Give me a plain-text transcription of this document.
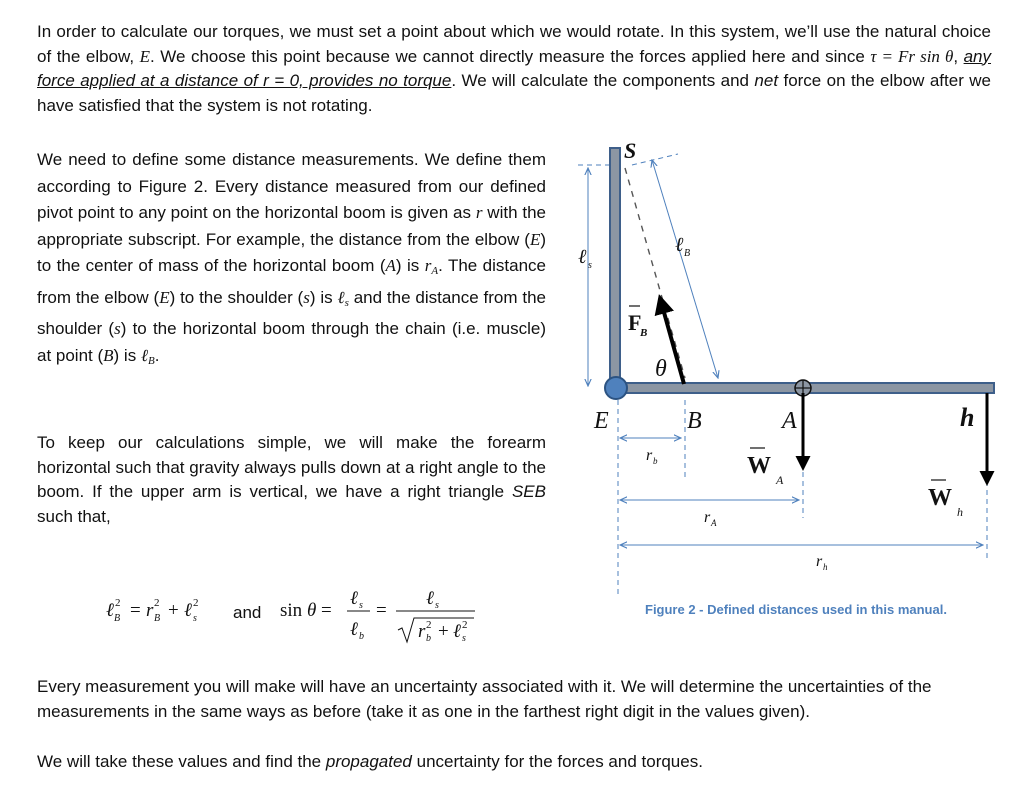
In order to calculate our torques, we must set a point about which we would rotate. In this system, we’ll use the natural choice of the elbow, E. We choose this point because we cannot directly measure the forces applied here and since τ = Fr sin θ, any force applied at a distance of r = 0, provides no torque. We will calculate the components and net force on the elbow after we have satisfied that the system is not rotating.

We need to define some distance measurements. We define them according to Figure 2. Every distance measured from our defined pivot point to any point on the horizontal boom is given as r with the appropriate subscript. For example, the distance from the elbow (E) to the center of mass of the horizontal boom (A) is $r_A$. The distance from the elbow (E) to the shoulder (s) is ℓ$_s$ and the distance from the shoulder (s) to the horizontal boom through the chain (i.e. muscle) at point (B) is ℓ$_B$.

To keep our calculations simple, we will make the forearm horizontal such that gravity always pulls down at a right angle to the boom. If the upper arm is vertical, we have a right triangle SEB such that,

ℓ 2
B = r 2
B + ℓ 2
s	sin θ =
ℓ s
ℓ b
=
ℓ s
r 2
b + ℓ 2
s
and
S
E	B	A	h
θ
ℓ s
ℓ B
F
B
W
A
W
h
r b
r A
r h
Figure 2 - Defined distances used in this manual.

Every measurement you will make will have an uncertainty associated with it. We will determine the uncertainties of the measurements in the same ways as before (take it as one in the farthest right digit in the values given).

We will take these values and find the propagated uncertainty for the forces and torques.
